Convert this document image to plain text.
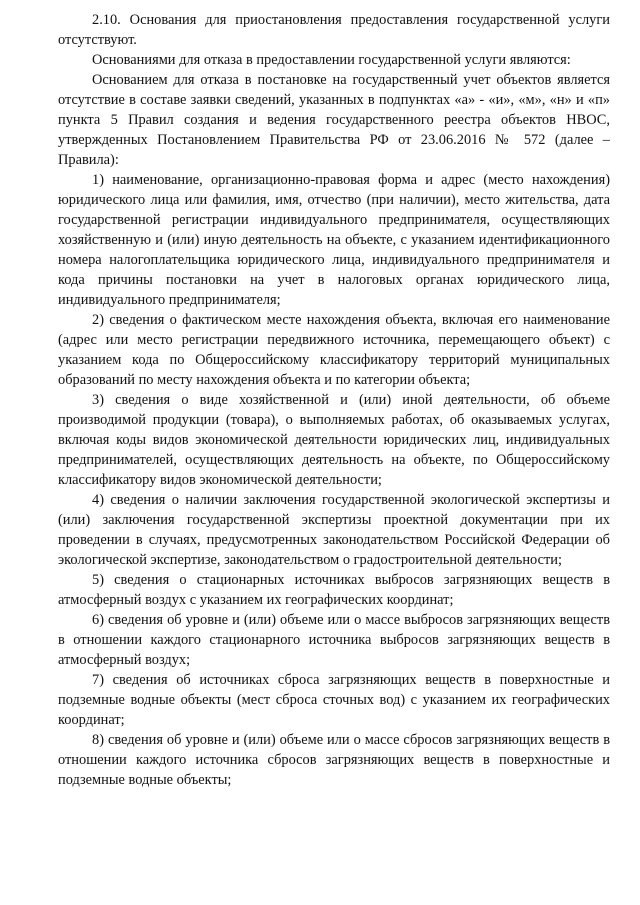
2.10. Основания для приостановления предоставления государственной услуги отсутствуют.

Основаниями для отказа в предоставлении государственной услуги являются:

Основанием для отказа в постановке на государственный учет объектов является отсутствие в составе заявки сведений, указанных в подпунктах «а» - «и», «м», «н» и «п» пункта 5 Правил создания и ведения государственного реестра объектов НВОС, утвержденных Постановлением Правительства РФ от 23.06.2016 № 572 (далее – Правила):

1) наименование, организационно-правовая форма и адрес (место нахождения) юридического лица или фамилия, имя, отчество (при наличии), место жительства, дата государственной регистрации индивидуального предпринимателя, осуществляющих хозяйственную и (или) иную деятельность на объекте, с указанием идентификационного номера налогоплательщика юридического лица, индивидуального предпринимателя и кода причины постановки на учет в налоговых органах юридического лица, индивидуального предпринимателя;

2) сведения о фактическом месте нахождения объекта, включая его наименование (адрес или место регистрации передвижного источника, перемещающего объект) с указанием кода по Общероссийскому классификатору территорий муниципальных образований по месту нахождения объекта и по категории объекта;

3) сведения о виде хозяйственной и (или) иной деятельности, об объеме производимой продукции (товара), о выполняемых работах, об оказываемых услугах, включая коды видов экономической деятельности юридических лиц, индивидуальных предпринимателей, осуществляющих деятельность на объекте, по Общероссийскому классификатору видов экономической деятельности;

4) сведения о наличии заключения государственной экологической экспертизы и (или) заключения государственной экспертизы проектной документации при их проведении в случаях, предусмотренных законодательством Российской Федерации об экологической экспертизе, законодательством о градостроительной деятельности;

5) сведения о стационарных источниках выбросов загрязняющих веществ в атмосферный воздух с указанием их географических координат;

6) сведения об уровне и (или) объеме или о массе выбросов загрязняющих веществ в отношении каждого стационарного источника выбросов загрязняющих веществ в атмосферный воздух;

7) сведения об источниках сброса загрязняющих веществ в поверхностные и подземные водные объекты (мест сброса сточных вод) с указанием их географических координат;

8) сведения об уровне и (или) объеме или о массе сбросов загрязняющих веществ в отношении каждого источника сбросов загрязняющих веществ в поверхностные и подземные водные объекты;
